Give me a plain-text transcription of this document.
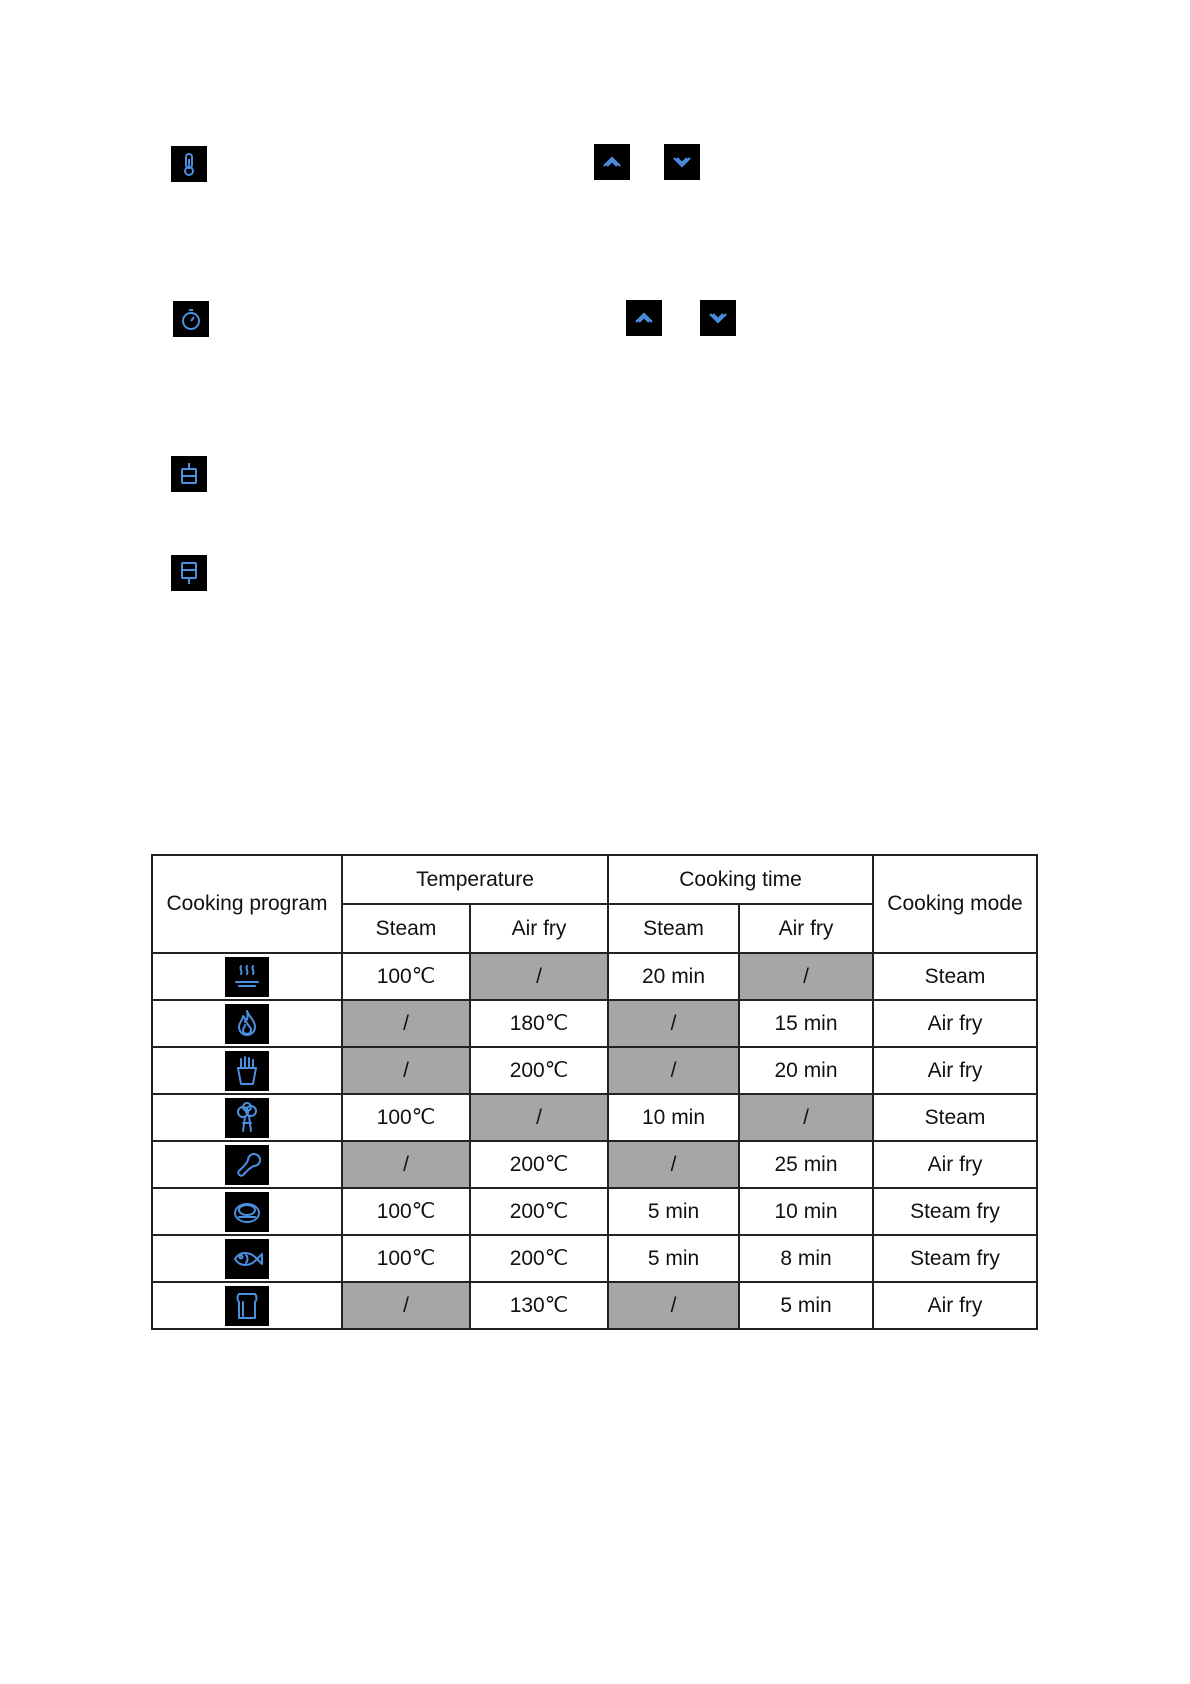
Cooking program	Temperature		Cooking time		Cooking mode
	Steam	Air fry	Steam	Air fry	

	100℃	/	20 min	/	Steam

	/	180℃	/	15 min	Air fry

	/	200℃	/	20 min	Air fry

	100℃	/	10 min	/	Steam

	/	200℃	/	25 min	Air fry

	100℃	200℃	5 min	10 min	Steam fry

	100℃	200℃	5 min	8 min	Steam fry

	/	130℃	/	5 min	Air fry
